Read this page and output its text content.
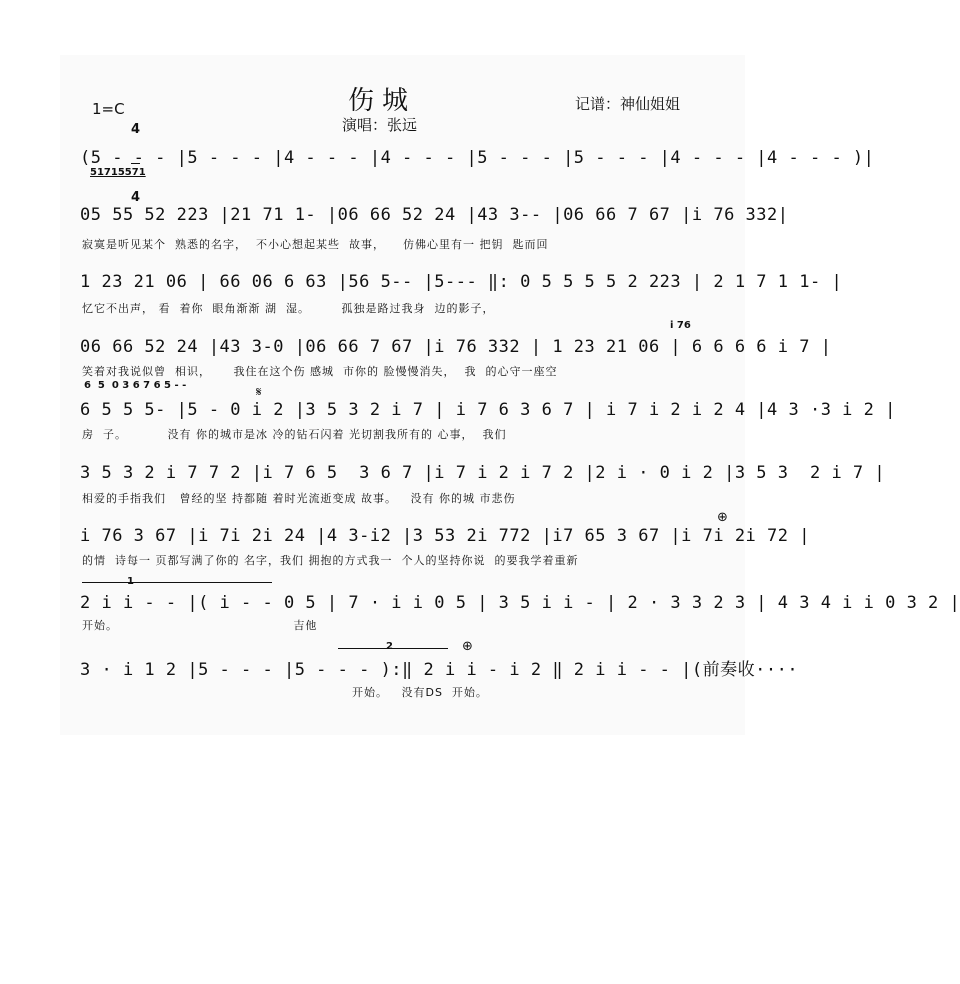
伤城
演唱：张远
记谱：神仙姐姐
1=C

4

4

(5 - - - |5 - - - |4 - - - |4 - - - |5 - - - |5 - - - |4 - - - |4 - - - )|
51715571
05 55 52 223 |21 71 1- |06 66 52 24 |43 3-- |06 66 7 67 |i 76 332|
寂寞是听见某个  熟悉的名字，  不小心想起某些  故事，    仿佛心里有一 把钥  匙而回
1 23 21 06 | 66 06 6 63 |56 5-- |5--- ‖: 0 5 5 5 5 2 223 | 2 1 7 1 1- |
忆它不出声， 看  着你  眼角渐渐 湖  湿。       孤独是路过我身  边的影子，
i 76
06 66 52 24 |43 3-0 |06 66 7 67 |i 76 332 | 1 23 21 06 | 6 6 6 6 i 7 |
笑着对我说似曾  相识，     我住在这个伤 感城  市你的 脸慢慢消失，  我  的心守一座空
6  5  0 3 6 7 6 5 - -	𝄋
6 5 5 5- |5 - 0 i 2 |3 5 3 2 i 7 | i 7 6 3 6 7 | i 7 i 2 i 2 4 |4 3 ·3 i 2 |
房  子。         没有 你的城市是冰 冷的钻石闪着 光切割我所有的 心事，  我们
3 5 3 2 i 7 7 2 |i 7 6 5  3 6 7 |i 7 i 2 i 7 2 |2 i · 0 i 2 |3 5 3  2 i 7 |
相爱的手指我们   曾经的坚 持都随 着时光流逝变成 故事。   没有 你的城 市悲伤
⊕
i 76 3 67 |i 7i 2i 24 |4 3-i2 |3 53 2i 772 |i7 65 3 67 |i 7i 2i 72 |
的情  诗每一 页都写满了你的 名字，我们 拥抱的方式我一  个人的坚持你说  的要我学着重新
1
2 i i - - |( i - - 0 5 | 7 · i i 0 5 | 3 5 i i - | 2 · 3 3 2 3 | 4 3 4 i i 0 3 2 |
开始。                                       吉他
2	⊕
3 · i 1 2 |5 - - - |5 - - - ):‖ 2 i i - i 2 ‖ 2 i i - - |(前奏收····
开始。   没有DS  开始。
